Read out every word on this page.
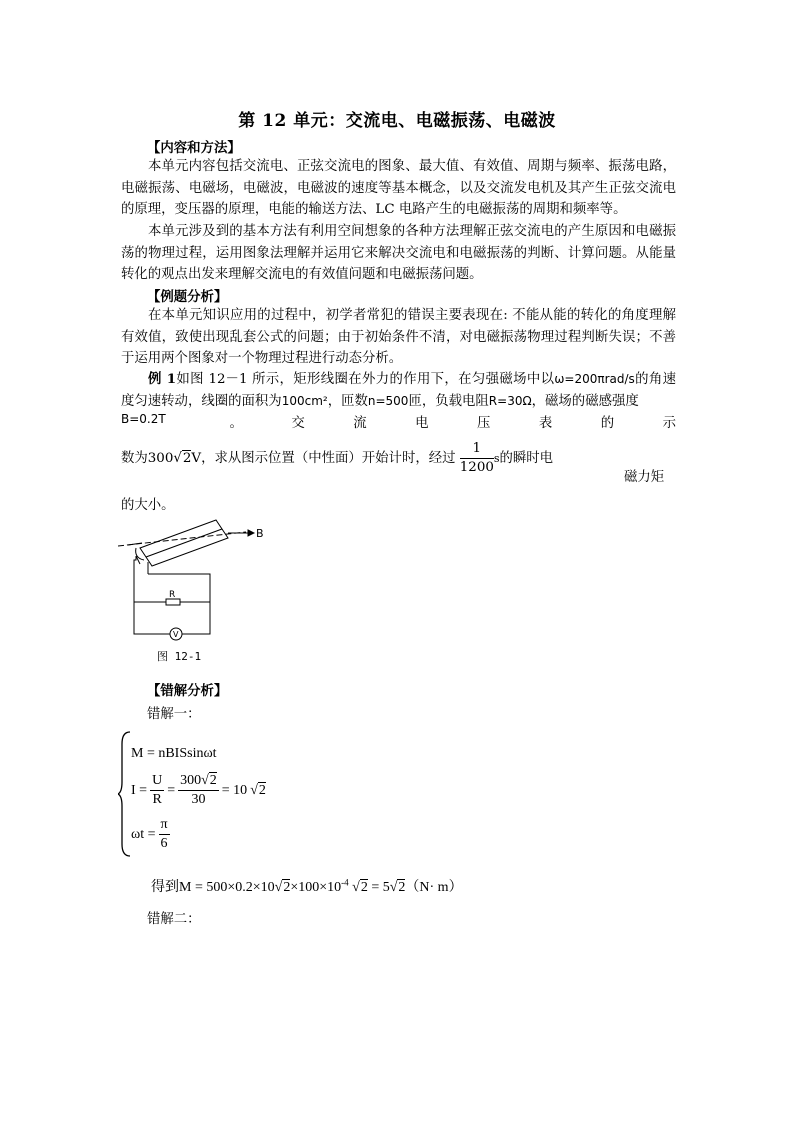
第 12 单元：交流电、电磁振荡、电磁波
【内容和方法】
本单元内容包括交流电、正弦交流电的图象、最大值、有效值、周期与频率、振荡电路，电磁振荡、电磁场，电磁波，电磁波的速度等基本概念，以及交流发电机及其产生正弦交流电的原理，变压器的原理，电能的输送方法、LC 电路产生的电磁振荡的周期和频率等。
本单元涉及到的基本方法有利用空间想象的各种方法理解正弦交流电的产生原因和电磁振荡的物理过程，运用图象法理解并运用它来解决交流电和电磁振荡的判断、计算问题。从能量转化的观点出发来理解交流电的有效值问题和电磁振荡问题。
【例题分析】
在本单元知识应用的过程中，初学者常犯的错误主要表现在: 不能从能的转化的角度理解有效值，致使出现乱套公式的问题；由于初始条件不清，对电磁振荡物理过程判断失误；不善于运用两个图象对一个物理过程进行动态分析。
例 1如图 12－1 所示，矩形线圈在外力的作用下，在匀强磁场中以ω=200πrad/s的角速度匀速转动，线圈的面积为100cm²，匝数n=500匝，负载电阻R=30Ω，磁场的磁感强度
B=0.2T	。	交	流	电	压	表	的	示
数为300√2V，求从图示位置（中性面）开始计时，经过 $\frac{1}{1200}$ s的瞬时电
磁力矩
的大小。
B
R
V
图 12-1
【错解分析】
错解一：
M = nBISsinωt
$I = \frac{U}{R} = \frac{300√2}{30} = 10$ √2
$\omega t = \frac{\pi}{6}$
得到$M = 500\times 0.2\times 10√2\times 100\times 10^{-4}$ √2 = 5√2（N· m）
错解二：
